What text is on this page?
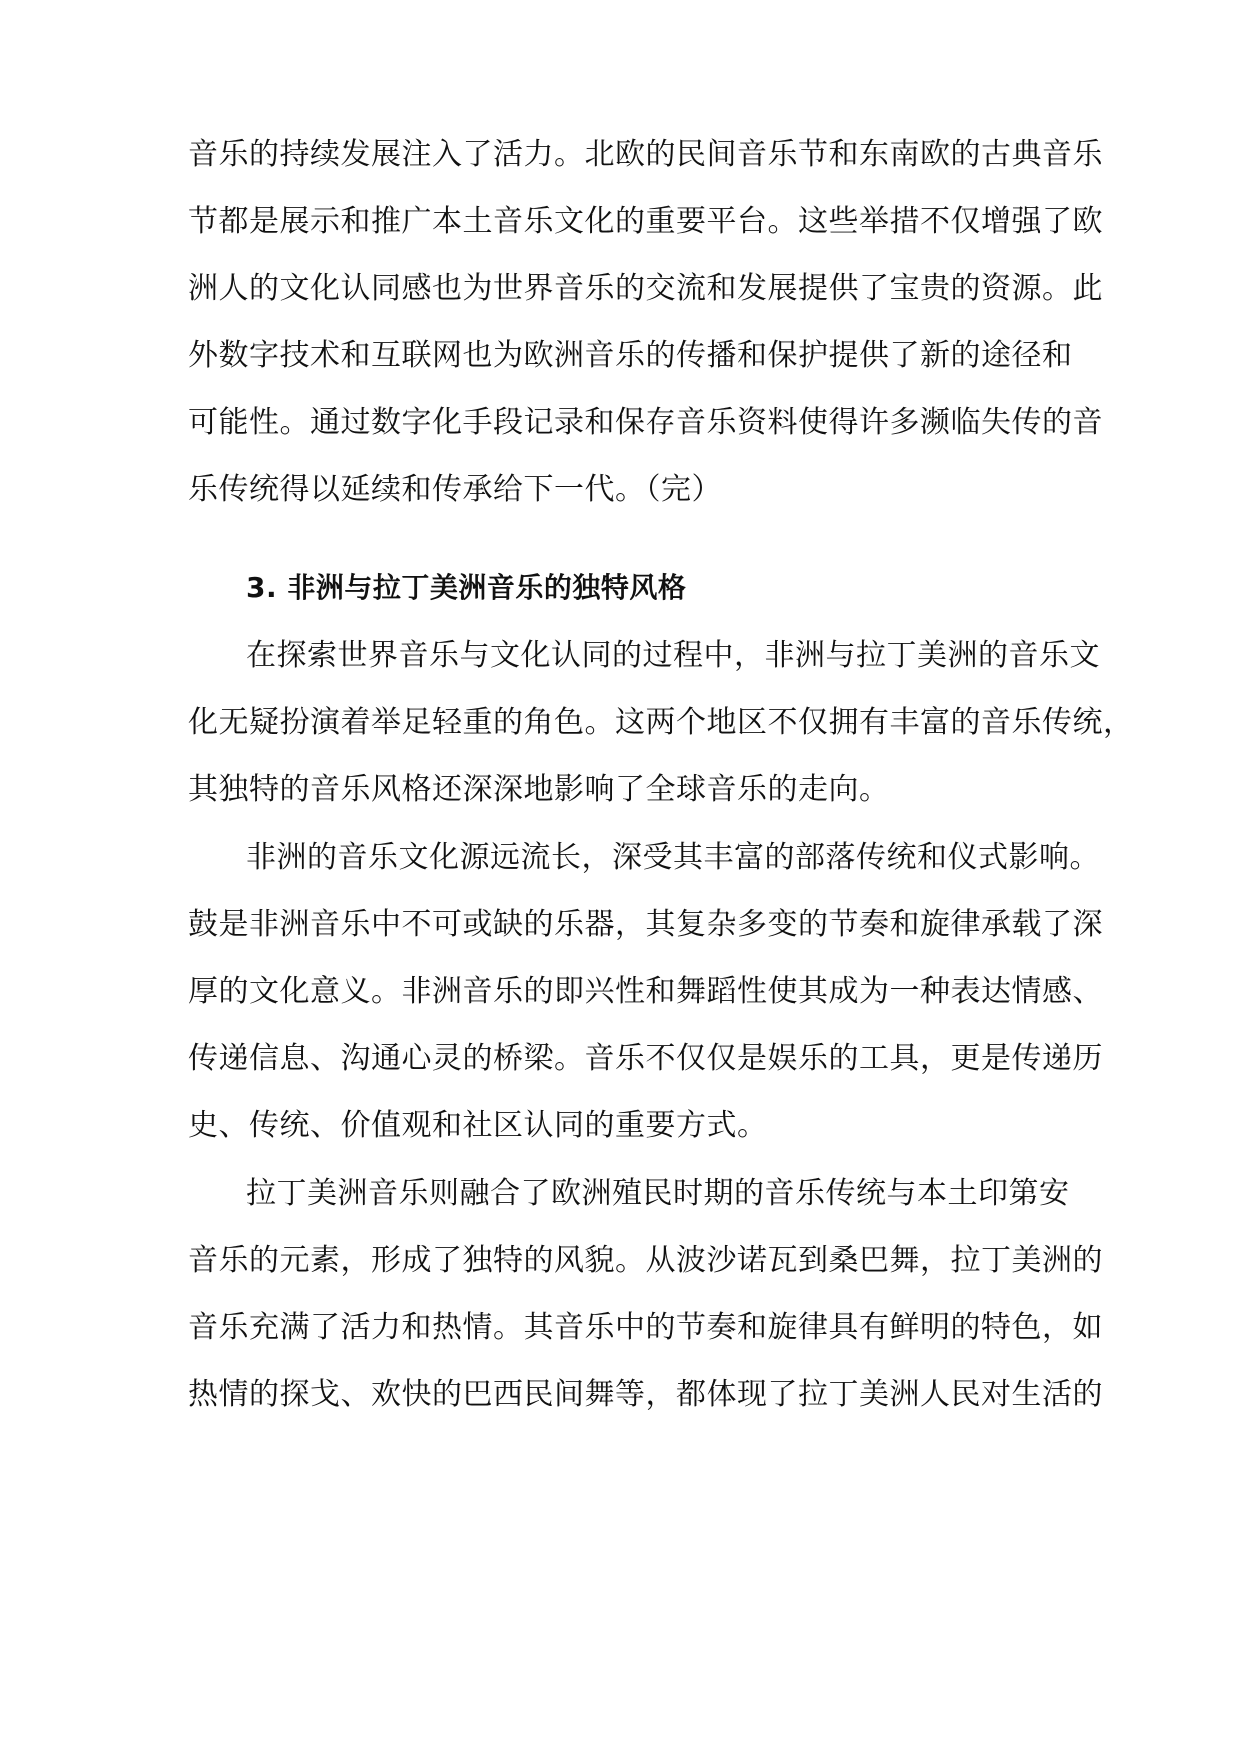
音乐的持续发展注入了活力。北欧的民间音乐节和东南欧的古典音乐
节都是展示和推广本土音乐文化的重要平台。这些举措不仅增强了欧
洲人的文化认同感也为世界音乐的交流和发展提供了宝贵的资源。此
外数字技术和互联网也为欧洲音乐的传播和保护提供了新的途径和
可能性。通过数字化手段记录和保存音乐资料使得许多濒临失传的音
乐传统得以延续和传承给下一代。（完）
3. 非洲与拉丁美洲音乐的独特风格
在探索世界音乐与文化认同的过程中，非洲与拉丁美洲的音乐文
化无疑扮演着举足轻重的角色。这两个地区不仅拥有丰富的音乐传统，
其独特的音乐风格还深深地影响了全球音乐的走向。
非洲的音乐文化源远流长，深受其丰富的部落传统和仪式影响。
鼓是非洲音乐中不可或缺的乐器，其复杂多变的节奏和旋律承载了深
厚的文化意义。非洲音乐的即兴性和舞蹈性使其成为一种表达情感、
传递信息、沟通心灵的桥梁。音乐不仅仅是娱乐的工具，更是传递历
史、传统、价值观和社区认同的重要方式。
拉丁美洲音乐则融合了欧洲殖民时期的音乐传统与本土印第安
音乐的元素，形成了独特的风貌。从波沙诺瓦到桑巴舞，拉丁美洲的
音乐充满了活力和热情。其音乐中的节奏和旋律具有鲜明的特色，如
热情的探戈、欢快的巴西民间舞等，都体现了拉丁美洲人民对生活的
